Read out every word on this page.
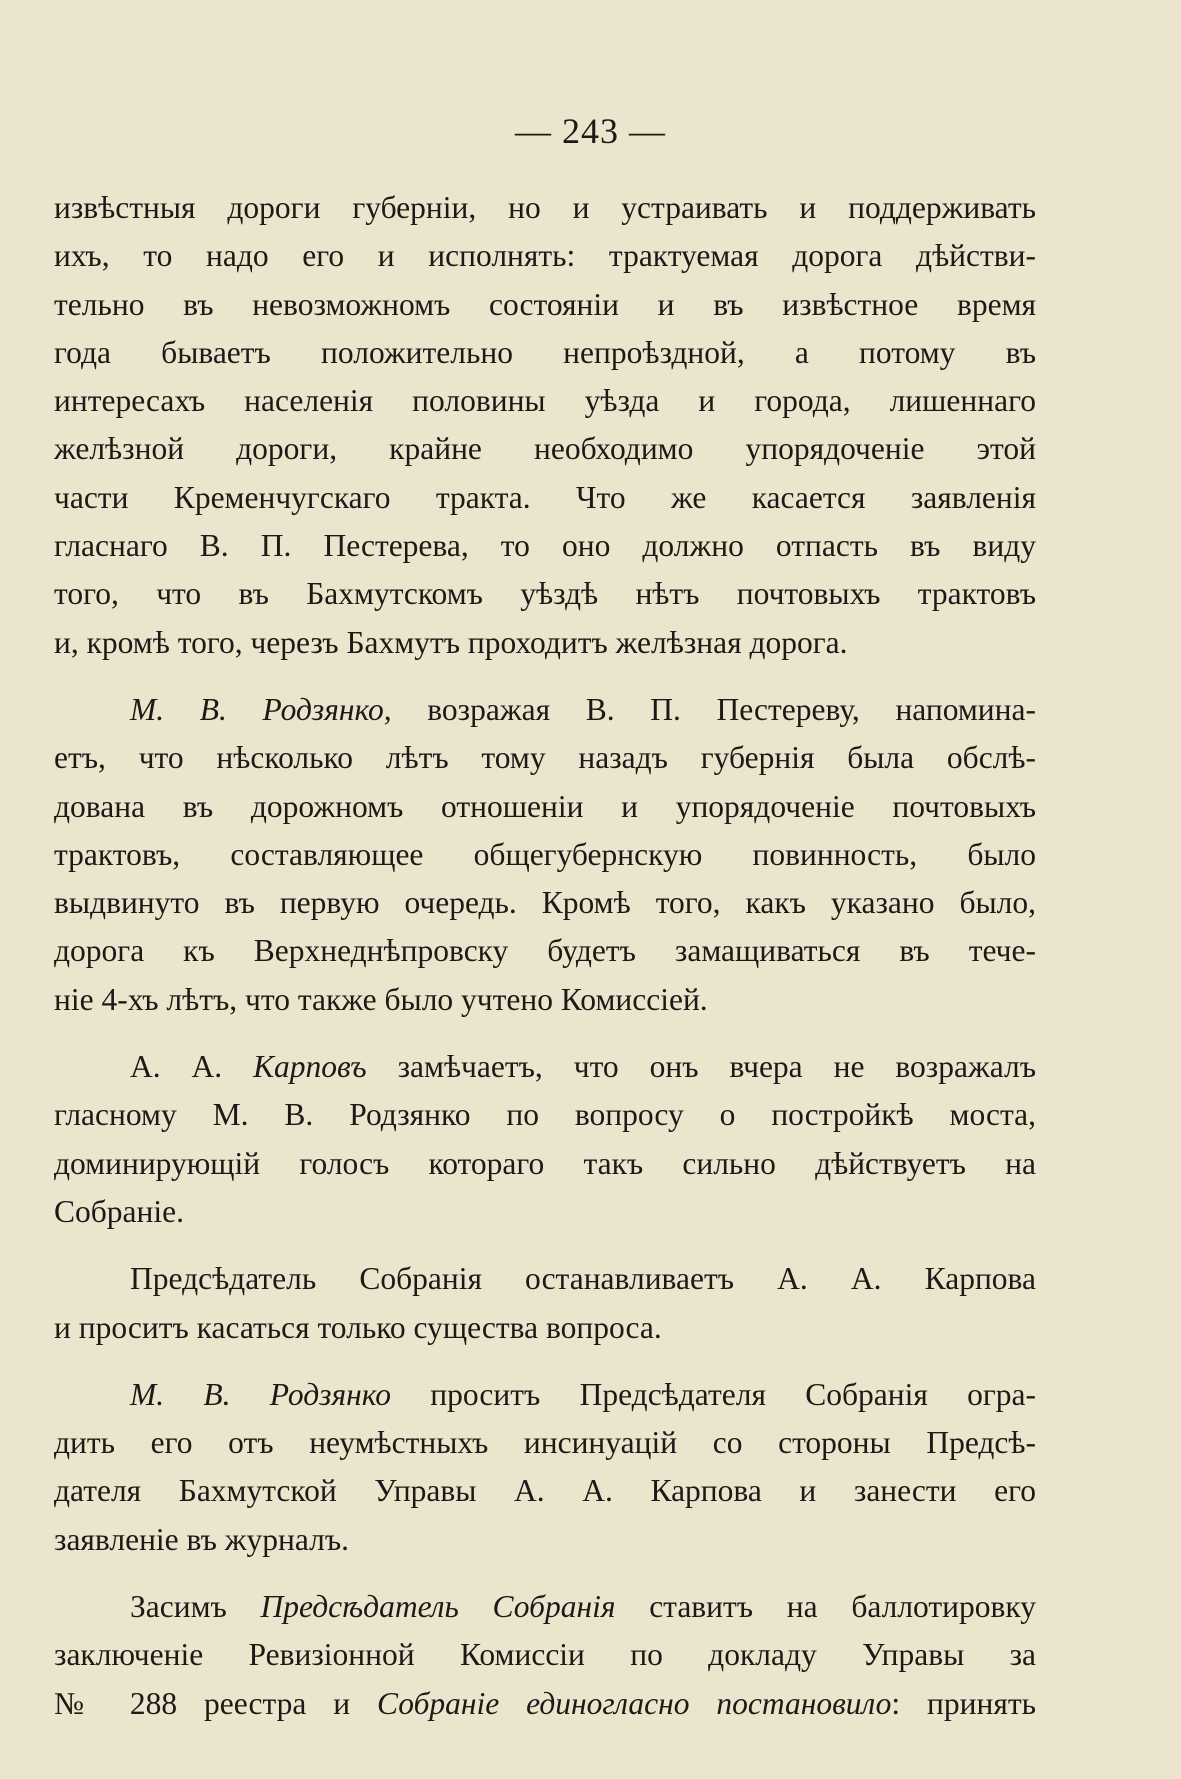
— 243 —
извѣстныя дороги губерніи, но и устраивать и поддерживать
ихъ, то надо его и исполнять: трактуемая дорога дѣйстви-
тельно въ невозможномъ состояніи и въ извѣстное время
года бываетъ положительно непроѣздной, а потому въ
интересахъ населенія половины уѣзда и города, лишеннаго
желѣзной дороги, крайне необходимо упорядоченіе этой
части Кременчугскаго тракта. Что же касается заявленія
гласнаго В. П. Пестерева, то оно должно отпасть въ виду
того, что въ Бахмутскомъ уѣздѣ нѣтъ почтовыхъ трактовъ
и, кромѣ того, черезъ Бахмутъ проходитъ желѣзная дорога.
М. В. Родзянко, возражая В. П. Пестереву, напомина-
етъ, что нѣсколько лѣтъ тому назадъ губернія была обслѣ-
дована въ дорожномъ отношеніи и упорядоченіе почтовыхъ
трактовъ, составляющее общегубернскую повинность, было
выдвинуто въ первую очередь. Кромѣ того, какъ указано было,
дорога къ Верхнеднѣпровску будетъ замащиваться въ тече-
ніе 4-хъ лѣтъ, что также было учтено Комиссіей.
А. А. Карповъ замѣчаетъ, что онъ вчера не возражалъ
гласному М. В. Родзянко по вопросу о постройкѣ моста,
доминирующій голосъ котораго такъ сильно дѣйствуетъ на
Собраніе.
Предсѣдатель Собранія останавливаетъ А. А. Карпова
и проситъ касаться только существа вопроса.
М. В. Родзянко проситъ Предсѣдателя Собранія огра-
дить его отъ неумѣстныхъ инсинуацій со стороны Предсѣ-
дателя Бахмутской Управы А. А. Карпова и занести его
заявленіе въ журналъ.
Засимъ Предсѣдатель Собранія ставитъ на баллотировку
заключеніе Ревизіонной Комиссіи по докладу Управы за
№ 288 реестра и Собраніе единогласно постановило: принять
